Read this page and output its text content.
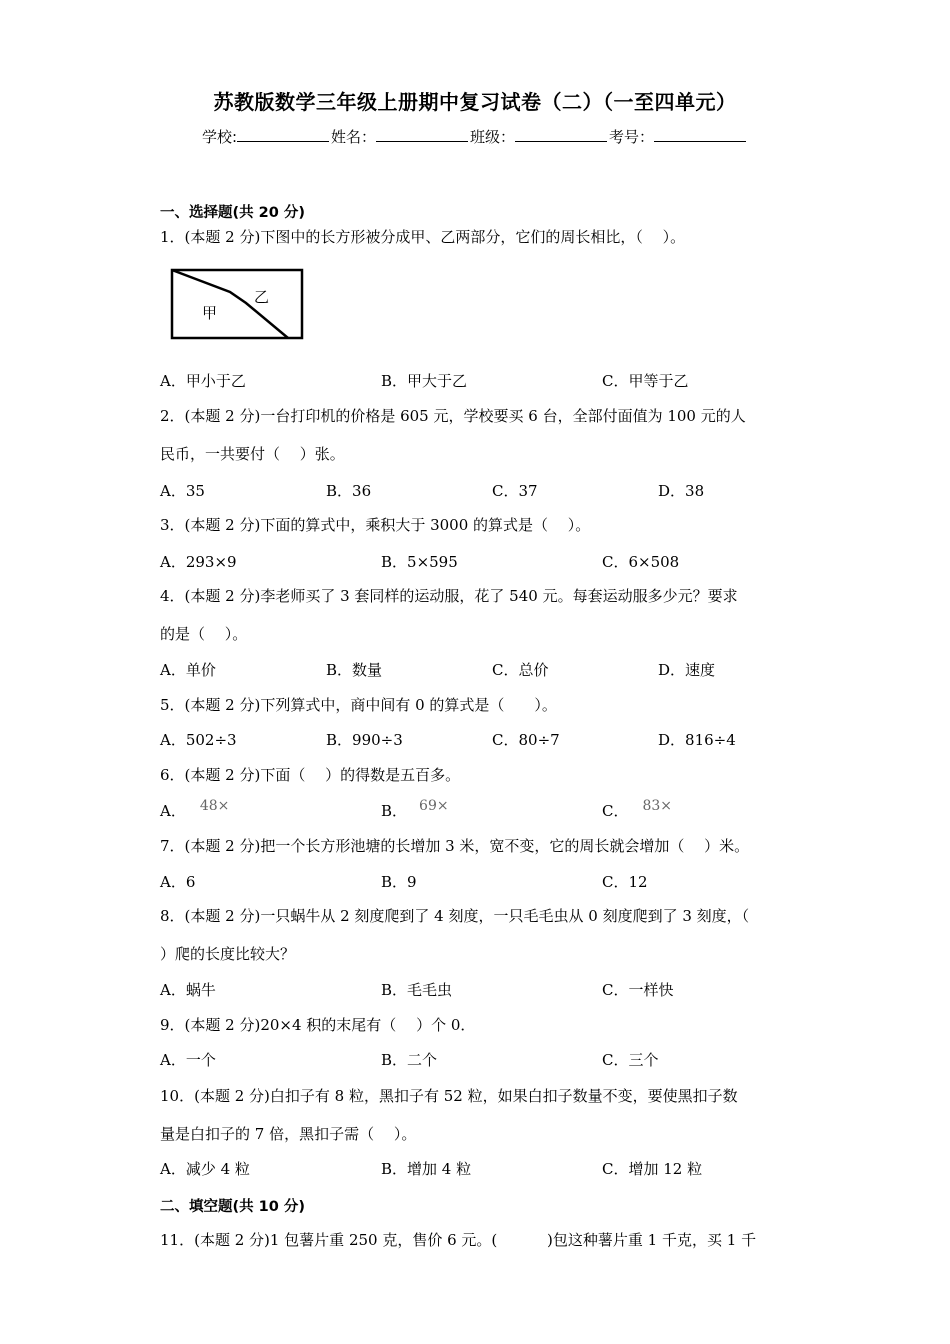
苏教版数学三年级上册期中复习试卷（二）（一至四单元）
学校:	姓名：	班级：	考号：
一、选择题(共 20 分)
1．(本题 2 分)下图中的长方形被分成甲、乙两部分，它们的周长相比，（　 ）。
甲
乙
A．甲小于乙	B．甲大于乙	C．甲等于乙
2．(本题 2 分)一台打印机的价格是 605 元，学校要买 6 台，全部付面值为 100 元的人
民币，一共要付（　 ）张。
A．35	B．36	C．37	D．38
3．(本题 2 分)下面的算式中，乘积大于 3000 的算式是（　 ）。
A．293×9	B．5×595	C．6×508
4．(本题 2 分)李老师买了 3 套同样的运动服，花了 540 元。每套运动服多少元？要求
的是（　 ）。
A．单价	B．数量	C．总价	D．速度
5．(本题 2 分)下列算式中，商中间有 0 的算式是（　　）。
A．502÷3	B．990÷3	C．80÷7	D．816÷4
6．(本题 2 分)下面（　 ）的得数是五百多。
A． 48×	B． 69×	C． 83×
7．(本题 2 分)把一个长方形池塘的长增加 3 米，宽不变，它的周长就会增加（　 ）米。
A．6	B．9	C．12
8．(本题 2 分)一只蜗牛从 2 刻度爬到了 4 刻度，一只毛毛虫从 0 刻度爬到了 3 刻度，（
）爬的长度比较大？
A．蜗牛	B．毛毛虫	C．一样快
9．(本题 2 分)20×4 积的末尾有（　 ）个 0．
A．一个	B．二个	C．三个
10．(本题 2 分)白扣子有 8 粒，黑扣子有 52 粒，如果白扣子数量不变，要使黑扣子数
量是白扣子的 7 倍，黑扣子需（　 ）。
A．减少 4 粒	B．增加 4 粒	C．增加 12 粒
二、填空题(共 10 分)
11．(本题 2 分)1 包薯片重 250 克，售价 6 元。(　　　 )包这种薯片重 1 千克，买 1 千
